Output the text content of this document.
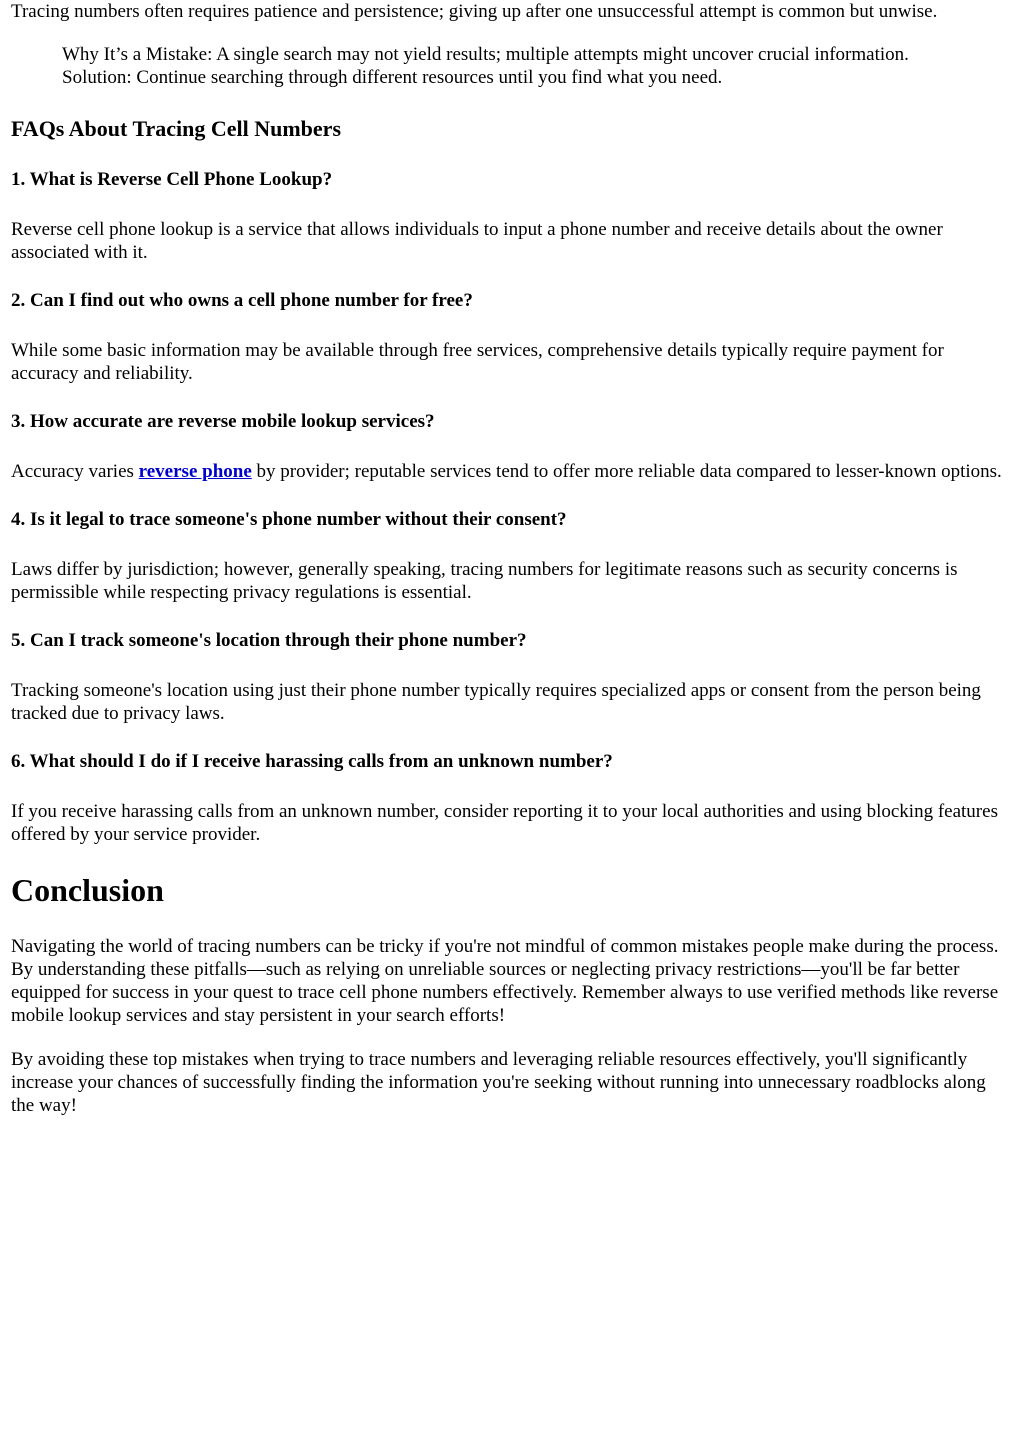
Tracing numbers often requires patience and persistence; giving up after one unsuccessful attempt is common but unwise.

Why It’s a Mistake: A single search may not yield results; multiple attempts might uncover crucial information.

Solution: Continue searching through different resources until you find what you need.

FAQs About Tracing Cell Numbers
1. What is Reverse Cell Phone Lookup?

Reverse cell phone lookup is a service that allows individuals to input a phone number and receive details about the owner associated with it.

2. Can I find out who owns a cell phone number for free?

While some basic information may be available through free services, comprehensive details typically require payment for accuracy and reliability.

3. How accurate are reverse mobile lookup services?

Accuracy varies reverse phone by provider; reputable services tend to offer more reliable data compared to lesser-known options.

4. Is it legal to trace someone's phone number without their consent?

Laws differ by jurisdiction; however, generally speaking, tracing numbers for legitimate reasons such as security concerns is permissible while respecting privacy regulations is essential.

5. Can I track someone's location through their phone number?

Tracking someone's location using just their phone number typically requires specialized apps or consent from the person being tracked due to privacy laws.

6. What should I do if I receive harassing calls from an unknown number?

If you receive harassing calls from an unknown number, consider reporting it to your local authorities and using blocking features offered by your service provider.

Conclusion

Navigating the world of tracing numbers can be tricky if you're not mindful of common mistakes people make during the process. By understanding these pitfalls—such as relying on unreliable sources or neglecting privacy restrictions—you'll be far better equipped for success in your quest to trace cell phone numbers effectively. Remember always to use verified methods like reverse mobile lookup services and stay persistent in your search efforts!

By avoiding these top mistakes when trying to trace numbers and leveraging reliable resources effectively, you'll significantly increase your chances of successfully finding the information you're seeking without running into unnecessary roadblocks along the way!
